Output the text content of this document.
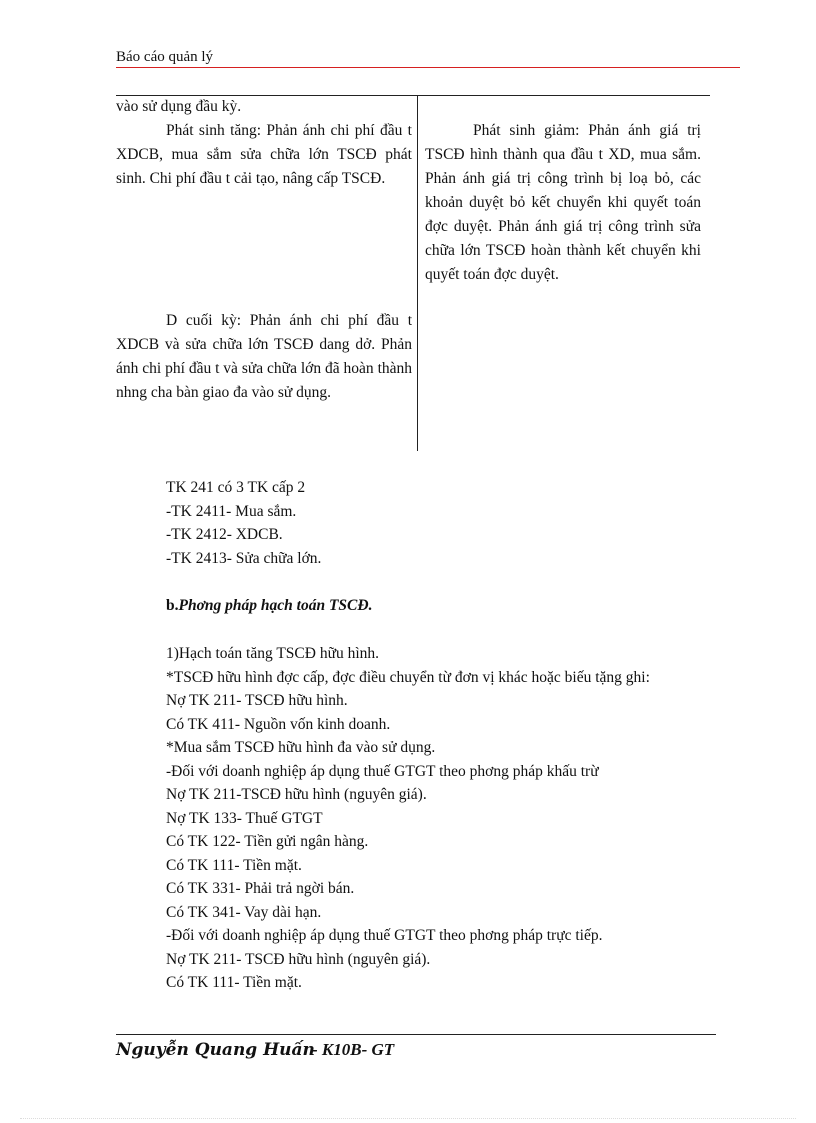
Báo cáo quản lý
vào sử dụng đầu kỳ.

Phát sinh tăng: Phản ánh chi phí đầu t XDCB, mua sắm sửa chữa lớn TSCĐ phát sinh. Chi phí đầu t cải tạo, nâng cấp TSCĐ.

D cuối kỳ: Phản ánh chi phí đầu t XDCB và sửa chữa lớn TSCĐ dang dở. Phản ánh chi phí đầu t và sửa chữa lớn đã hoàn thành nhng cha bàn giao đa vào sử dụng.

Phát sinh giảm: Phản ánh giá trị TSCĐ hình thành qua đầu t XD, mua sắm. Phản ánh giá trị công trình bị loạ bỏ, các khoản duyệt bỏ kết chuyển khi quyết toán đợc duyệt. Phản ánh giá trị công trình sửa chữa lớn TSCĐ hoàn thành kết chuyển khi quyết toán đợc duyệt.

TK 241 có 3 TK cấp 2
-TK 2411- Mua sắm.
-TK 2412- XDCB.
-TK 2413- Sửa chữa lớn.
b.Phơng pháp hạch toán TSCĐ.
1)Hạch toán tăng TSCĐ hữu hình.
*TSCĐ hữu hình đợc cấp, đợc điều chuyển từ đơn vị khác hoặc biếu tặng ghi:
Nợ TK 211- TSCĐ hữu hình.
Có TK 411- Nguồn vốn kinh doanh.
*Mua sắm TSCĐ hữu hình đa vào sử dụng.
-Đối với doanh nghiệp áp dụng thuế GTGT theo phơng pháp khấu trừ
Nợ TK 211-TSCĐ hữu hình (nguyên giá).
Nợ TK 133- Thuế GTGT
Có TK 122- Tiền gửi ngân hàng.
Có TK 111- Tiền mặt.
Có TK 331- Phải trả ngời bán.
Có TK 341- Vay dài hạn.
-Đối với doanh nghiệp áp dụng thuế GTGT theo phơng pháp trực tiếp.
Nợ TK 211- TSCĐ hữu hình (nguyên giá).
Có TK 111- Tiền mặt.
Nguyễn Quang Huấn
- K10B- GT
